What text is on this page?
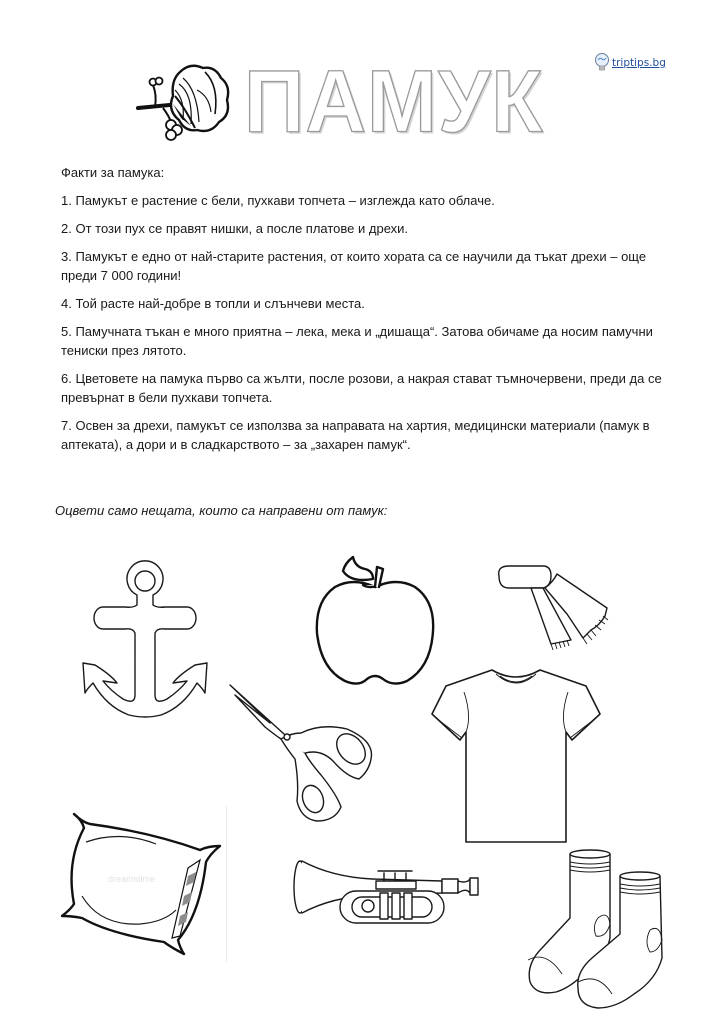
triptips.bg
ПАМУК

Факти за памука:

1. Памукът е растение с бели, пухкави топчета – изглежда като облаче.

2. От този пух се правят нишки, а после платове и дрехи.

3. Памукът е едно от най-старите растения, от които хората са се научили да тъкат дрехи – още преди 7 000 години!

4. Той расте най-добре в топли и слънчеви места.

5. Памучната тъкан е много приятна – лека, мека и „дишаща“. Затова обичаме да носим памучни тениски през лятото.

6. Цветовете на памука първо са жълти, после розови, а накрая стават тъмночервени, преди да се превърнат в бели пухкави топчета.

7. Освен за дрехи, памукът се използва за направата на хартия, медицински материали (памук в аптеката), а дори и в сладкарството – за „захарен памук“.

Оцвети само нещата, които са направени от памук:
dreamstime
